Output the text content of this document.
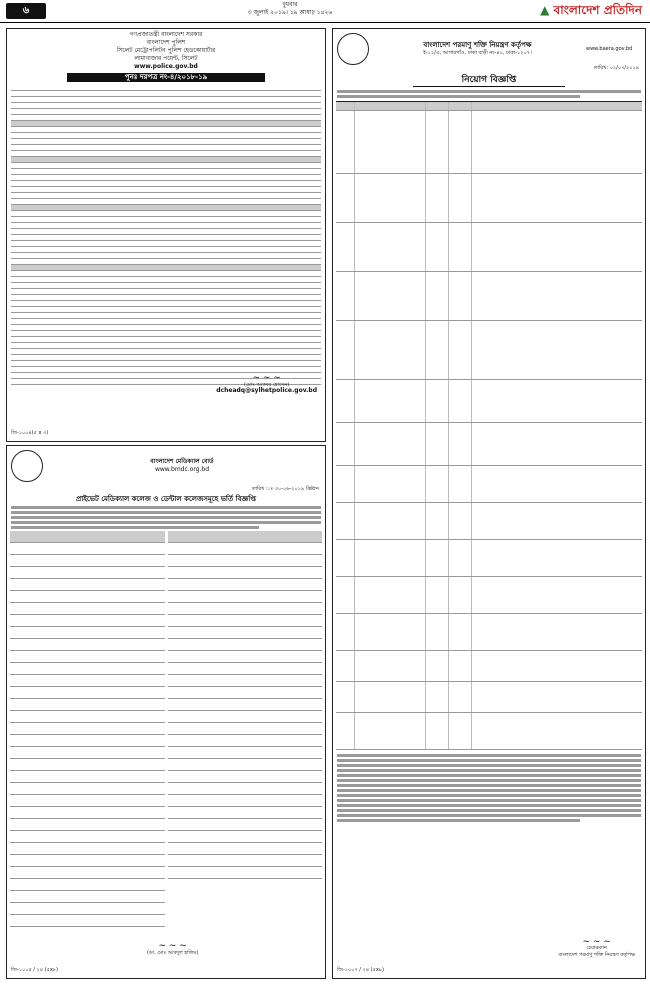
৬
বুধবার
৩ জুলাই ২০১৯। ১৯ আষাঢ় ১৪২৬	▲ বাংলাদেশ প্রতিদিন
গণপ্রজাতন্ত্রী বাংলাদেশ সরকার
বাংলাদেশ পুলিশ
সিলেট মেট্রোপলিটন পুলিশ হেডকোয়ার্টার
লামাবাজার পয়েন্ট, সিলেট
www.police.gov.bd
পুনঃ দরপত্র নং-৪/২০১৮-১৯
~ ~ ~
(মোঃ আকবর হোসেন)
dcheadq@sylhetpolice.gov.bd
জি-১০০৪(৫ x ৩)
বাংলাদেশ মেডিক্যাল বোর্ড
www.bmdc.org.bd
তারিখ ঃ ৩০-০৬-২০১৯ খ্রিষ্টাব্দ
প্রাইভেট মেডিক্যাল কলেজ ও ডেন্টাল কলেজসমূহে ভর্তি বিজ্ঞপ্তি
~ ~ ~
(ডা. মোঃ আবদুল হালিম)
জি-১০০৫ / ২৪ (৫x৮)
বাংলাদেশ পরমাণু শক্তি নিয়ন্ত্রণ কর্তৃপক্ষ
ই-১২/এ, আগারগাঁও, ঢাকা বাড়ী নং-৪০, ঢাকা-১২০৭।
www.baera.gov.bd
তারিখ: ০২/০৭/২০১৯
নিয়োগ বিজ্ঞপ্তি
~ ~ ~
চেয়ারম্যান
বাংলাদেশ পরমাণু শক্তি নিয়ন্ত্রণ কর্তৃপক্ষ
জি-১০০৭ / ২৪ (৫x৮)
